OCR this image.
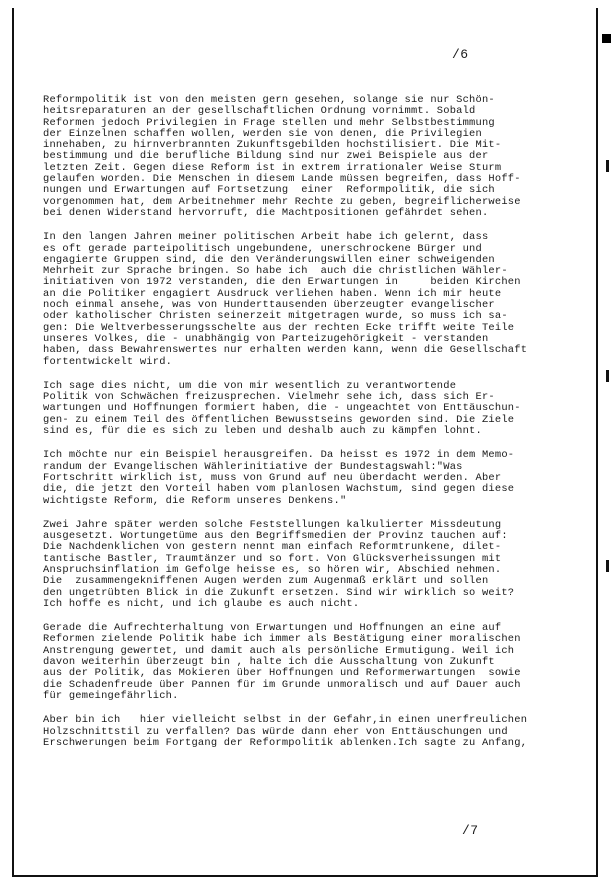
/6

Reformpolitik ist von den meisten gern gesehen, solange sie nur Schön-
heitsreparaturen an der gesellschaftlichen Ordnung vornimmt. Sobald
Reformen jedoch Privilegien in Frage stellen und mehr Selbstbestimmung
der Einzelnen schaffen wollen, werden sie von denen, die Privilegien
innehaben, zu hirnverbrannten Zukunftsgebilden hochstilisiert. Die Mit-
bestimmung und die berufliche Bildung sind nur zwei Beispiele aus der
letzten Zeit. Gegen diese Reform ist in extrem irrationaler Weise Sturm
gelaufen worden. Die Menschen in diesem Lande müssen begreifen, dass Hoff-
nungen und Erwartungen auf Fortsetzung  einer  Reformpolitik, die sich
vorgenommen hat, dem Arbeitnehmer mehr Rechte zu geben, begreiflicherweise
bei denen Widerstand hervorruft, die Machtpositionen gefährdet sehen.

In den langen Jahren meiner politischen Arbeit habe ich gelernt, dass
es oft gerade parteipolitisch ungebundene, unerschrockene Bürger und
engagierte Gruppen sind, die den Veränderungswillen einer schweigenden
Mehrheit zur Sprache bringen. So habe ich  auch die christlichen Wähler-
initiativen von 1972 verstanden, die den Erwartungen in     beiden Kirchen
an die Politiker engagiert Ausdruck verliehen haben. Wenn ich mir heute
noch einmal ansehe, was von Hunderttausenden überzeugter evangelischer
oder katholischer Christen seinerzeit mitgetragen wurde, so muss ich sa-
gen: Die Weltverbesserungsschelte aus der rechten Ecke trifft weite Teile
unseres Volkes, die - unabhängig von Parteizugehörigkeit - verstanden
haben, dass Bewahrenswertes nur erhalten werden kann, wenn die Gesellschaft
fortentwickelt wird.

Ich sage dies nicht, um die von mir wesentlich zu verantwortende
Politik von Schwächen freizusprechen. Vielmehr sehe ich, dass sich Er-
wartungen und Hoffnungen formiert haben, die - ungeachtet von Enttäuschun-
gen- zu einem Teil des öffentlichen Bewusstseins geworden sind. Die Ziele
sind es, für die es sich zu leben und deshalb auch zu kämpfen lohnt.

Ich möchte nur ein Beispiel herausgreifen. Da heisst es 1972 in dem Memo-
randum der Evangelischen Wählerinitiative der Bundestagswahl:"Was
Fortschritt wirklich ist, muss von Grund auf neu überdacht werden. Aber
die, die jetzt den Vorteil haben vom planlosen Wachstum, sind gegen diese
wichtigste Reform, die Reform unseres Denkens."

Zwei Jahre später werden solche Feststellungen kalkulierter Missdeutung
ausgesetzt. Wortungetüme aus den Begriffsmedien der Provinz tauchen auf:
Die Nachdenklichen von gestern nennt man einfach Reformtrunkene, dilet-
tantische Bastler, Traumtänzer und so fort. Von Glücksverheissungen mit
Anspruchsinflation im Gefolge heisse es, so hören wir, Abschied nehmen.
Die  zusammengekniffenen Augen werden zum Augenmaß erklärt und sollen
den ungetrübten Blick in die Zukunft ersetzen. Sind wir wirklich so weit?
Ich hoffe es nicht, und ich glaube es auch nicht.

Gerade die Aufrechterhaltung von Erwartungen und Hoffnungen an eine auf
Reformen zielende Politik habe ich immer als Bestätigung einer moralischen
Anstrengung gewertet, und damit auch als persönliche Ermutigung. Weil ich
davon weiterhin überzeugt bin , halte ich die Ausschaltung von Zukunft
aus der Politik, das Mokieren über Hoffnungen und Reformerwartungen  sowie
die Schadenfreude über Pannen für im Grunde unmoralisch und auf Dauer auch
für gemeingefährlich.

Aber bin ich   hier vielleicht selbst in der Gefahr,in einen unerfreulichen
Holzschnittstil zu verfallen? Das würde dann eher von Enttäuschungen und
Erschwerungen beim Fortgang der Reformpolitik ablenken.Ich sagte zu Anfang,

/7
